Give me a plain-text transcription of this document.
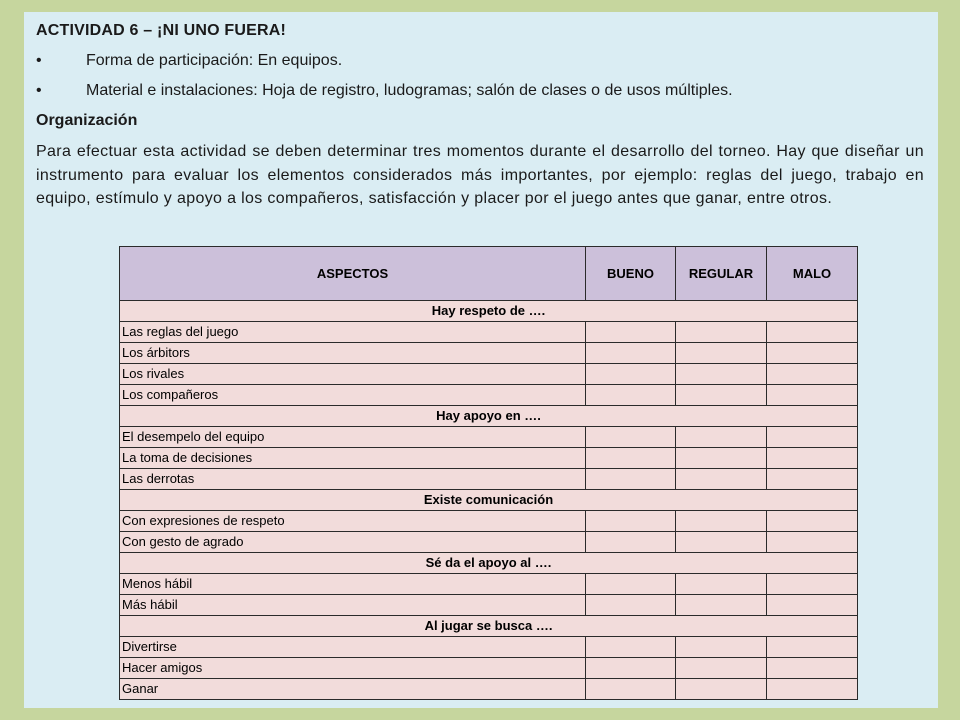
ACTIVIDAD 6 – ¡NI UNO FUERA!
•	Forma de participación: En equipos.
•	Material e instalaciones: Hoja de registro, ludogramas; salón de clases o de usos múltiples.
Organización

Para efectuar esta actividad se deben determinar tres momentos durante el desarrollo del torneo. Hay que diseñar un instrumento para evaluar los elementos considerados más importantes, por ejemplo: reglas del juego, trabajo en equipo, estímulo y apoyo a los compañeros, satisfacción y placer por el juego antes que ganar, entre otros.

ASPECTOS	BUENO	REGULAR	MALO
Hay respeto de ….			
Las reglas del juego			
Los árbitors			
Los rivales			
Los compañeros			
Hay apoyo en ….			
El desempelo del equipo			
La toma de decisiones			
Las derrotas			
Existe comunicación			
Con expresiones de respeto			
Con gesto de agrado			
Sé da el apoyo al ….			
Menos hábil			
Más hábil			
Al jugar se busca ….			
Divertirse			
Hacer amigos			
Ganar			
